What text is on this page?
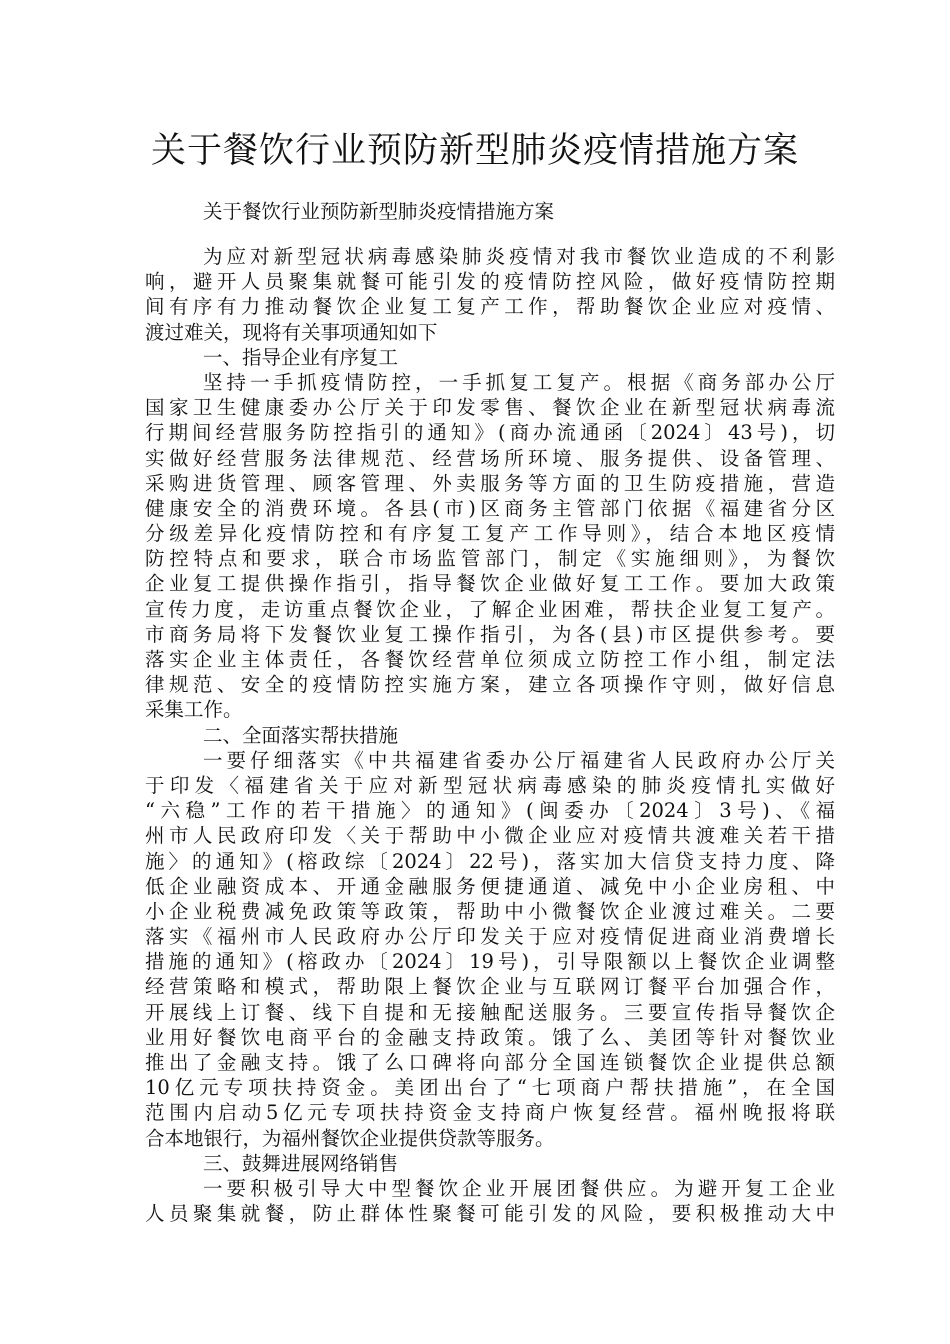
关于餐饮行业预防新型肺炎疫情措施方案

关于餐饮行业预防新型肺炎疫情措施方案

为应对新型冠状病毒感染肺炎疫情对我市餐饮业造成的不利影
响，避开人员聚集就餐可能引发的疫情防控风险，做好疫情防控期
间有序有力推动餐饮企业复工复产工作，帮助餐饮企业应对疫情、
渡过难关，现将有关事项通知如下
一、指导企业有序复工
坚持一手抓疫情防控，一手抓复工复产。根据《商务部办公厅
国家卫生健康委办公厅关于印发零售、餐饮企业在新型冠状病毒流
行期间经营服务防控指引的通知》(商办流通函〔2024〕43号)，切
实做好经营服务法律规范、经营场所环境、服务提供、设备管理、
采购进货管理、顾客管理、外卖服务等方面的卫生防疫措施，营造
健康安全的消费环境。各县(市)区商务主管部门依据《福建省分区
分级差异化疫情防控和有序复工复产工作导则》，结合本地区疫情
防控特点和要求，联合市场监管部门，制定《实施细则》，为餐饮
企业复工提供操作指引，指导餐饮企业做好复工工作。要加大政策
宣传力度，走访重点餐饮企业，了解企业困难，帮扶企业复工复产。
市商务局将下发餐饮业复工操作指引，为各(县)市区提供参考。要
落实企业主体责任，各餐饮经营单位须成立防控工作小组，制定法
律规范、安全的疫情防控实施方案，建立各项操作守则，做好信息
采集工作。
二、全面落实帮扶措施
一要仔细落实《中共福建省委办公厅福建省人民政府办公厅关
于印发〈福建省关于应对新型冠状病毒感染的肺炎疫情扎实做好
“六稳”工作的若干措施〉的通知》(闽委办〔2024〕3号)、《福
州市人民政府印发〈关于帮助中小微企业应对疫情共渡难关若干措
施〉的通知》(榕政综〔2024〕22号)，落实加大信贷支持力度、降
低企业融资成本、开通金融服务便捷通道、减免中小企业房租、中
小企业税费减免政策等政策，帮助中小微餐饮企业渡过难关。二要
落实《福州市人民政府办公厅印发关于应对疫情促进商业消费增长
措施的通知》(榕政办〔2024〕19号)，引导限额以上餐饮企业调整
经营策略和模式，帮助限上餐饮企业与互联网订餐平台加强合作，
开展线上订餐、线下自提和无接触配送服务。三要宣传指导餐饮企
业用好餐饮电商平台的金融支持政策。饿了么、美团等针对餐饮业
推出了金融支持。饿了么口碑将向部分全国连锁餐饮企业提供总额
10亿元专项扶持资金。美团出台了“七项商户帮扶措施”，在全国
范围内启动5亿元专项扶持资金支持商户恢复经营。福州晚报将联
合本地银行，为福州餐饮企业提供贷款等服务。
三、鼓舞进展网络销售
一要积极引导大中型餐饮企业开展团餐供应。为避开复工企业
人员聚集就餐，防止群体性聚餐可能引发的风险，要积极推动大中
